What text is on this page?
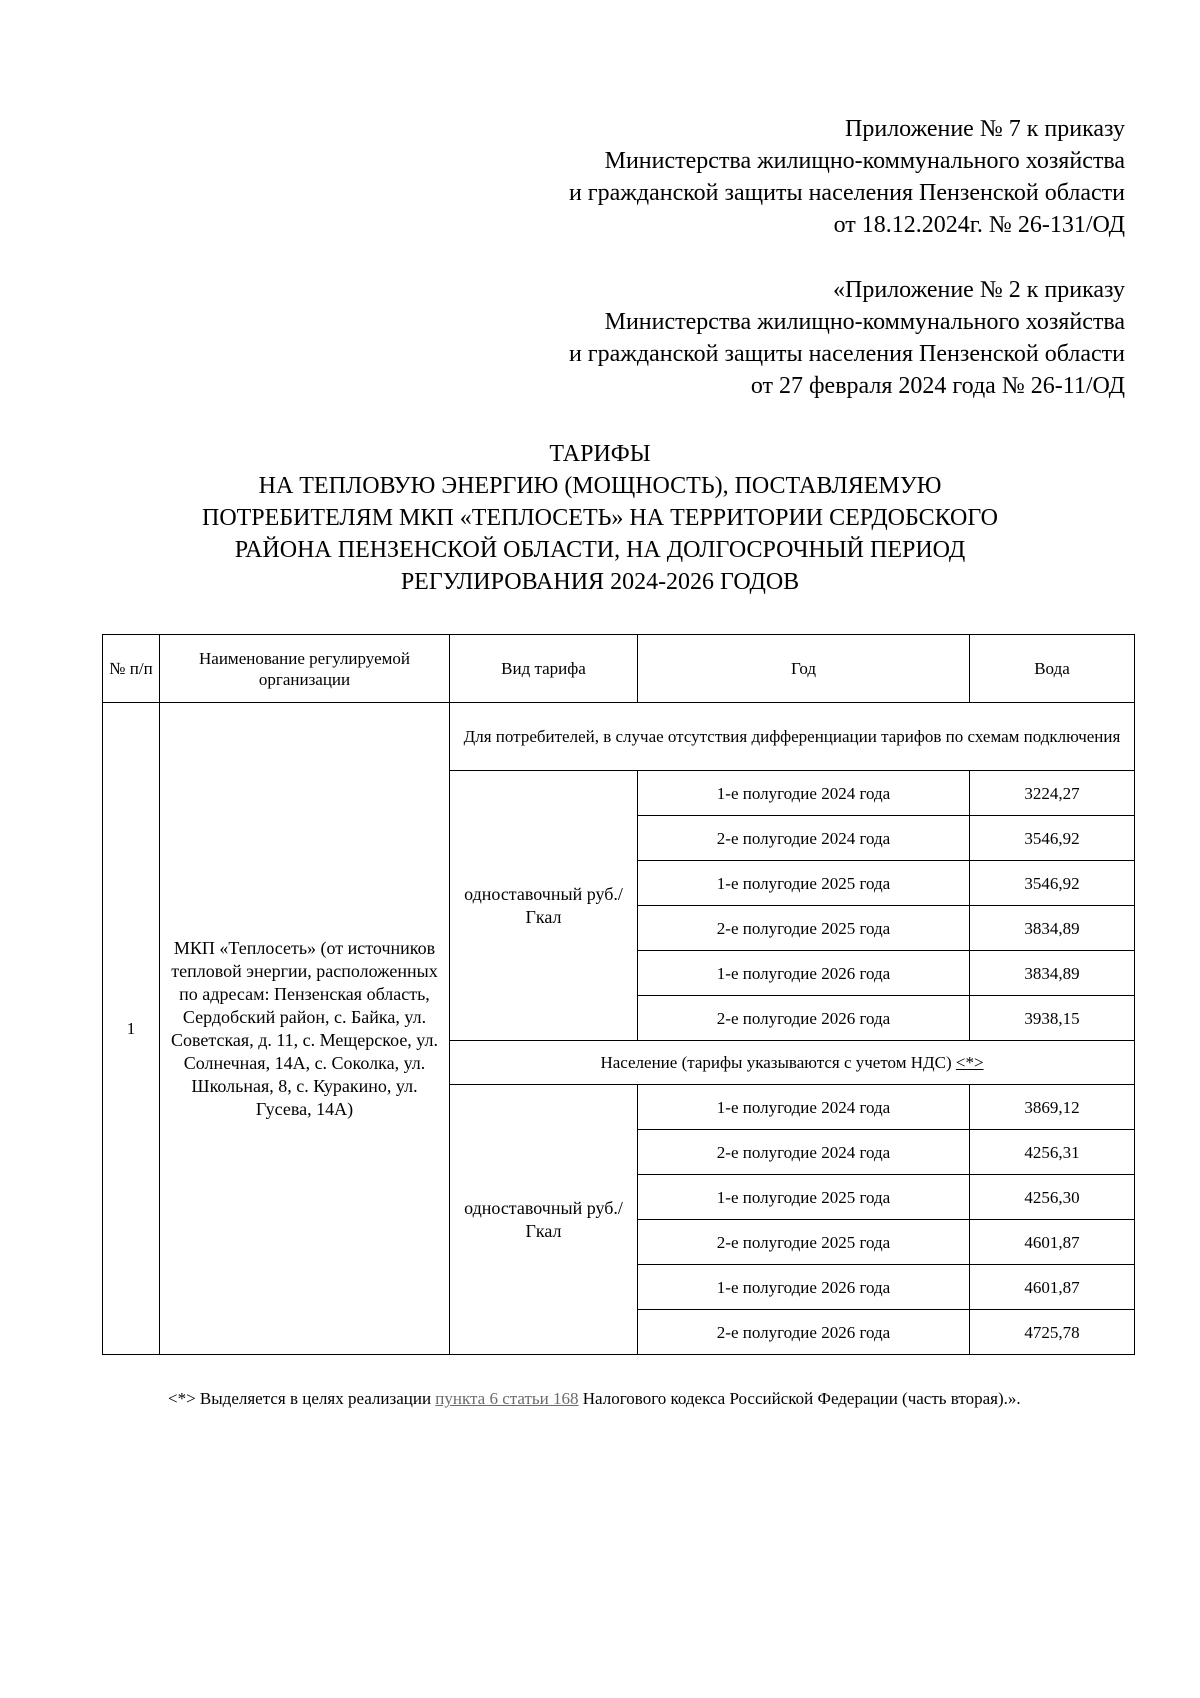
Приложение № 7 к приказу
Министерства жилищно-коммунального хозяйства
и гражданской защиты населения Пензенской области
от 18.12.2024г. № 26-131/ОД
«Приложение № 2 к приказу
Министерства жилищно-коммунального хозяйства
и гражданской защиты населения Пензенской области
от 27 февраля 2024 года № 26-11/ОД
ТАРИФЫ
НА ТЕПЛОВУЮ ЭНЕРГИЮ (МОЩНОСТЬ), ПОСТАВЛЯЕМУЮ
ПОТРЕБИТЕЛЯМ МКП «ТЕПЛОСЕТЬ» НА ТЕРРИТОРИИ СЕРДОБСКОГО
РАЙОНА ПЕНЗЕНСКОЙ ОБЛАСТИ, НА ДОЛГОСРОЧНЫЙ ПЕРИОД
РЕГУЛИРОВАНИЯ 2024-2026 ГОДОВ
№ п/п	Наименование регулируемой организации	Вид тарифа	Год	Вода
1	МКП «Теплосеть» (от источников тепловой энергии, расположенных по адресам: Пензенская область, Сердобский район, с. Байка, ул. Советская, д. 11, с. Мещерское, ул. Солнечная, 14А, с. Соколка, ул. Школьная, 8, с. Куракино, ул. Гусева, 14А)	Для потребителей, в случае отсутствия дифференциации тарифов по схемам подключения		
		одноставочный руб./Гкал	1-е полугодие 2024 года	3224,27
			2-е полугодие 2024 года	3546,92
			1-е полугодие 2025 года	3546,92
			2-е полугодие 2025 года	3834,89
			1-е полугодие 2026 года	3834,89
			2-е полугодие 2026 года	3938,15
		Население (тарифы указываются с учетом НДС) <*>		
		одноставочный руб./Гкал	1-е полугодие 2024 года	3869,12
			2-е полугодие 2024 года	4256,31
			1-е полугодие 2025 года	4256,30
			2-е полугодие 2025 года	4601,87
			1-е полугодие 2026 года	4601,87
			2-е полугодие 2026 года	4725,78
<*> Выделяется в целях реализации пункта 6 статьи 168 Налогового кодекса Российской Федерации (часть вторая).».
